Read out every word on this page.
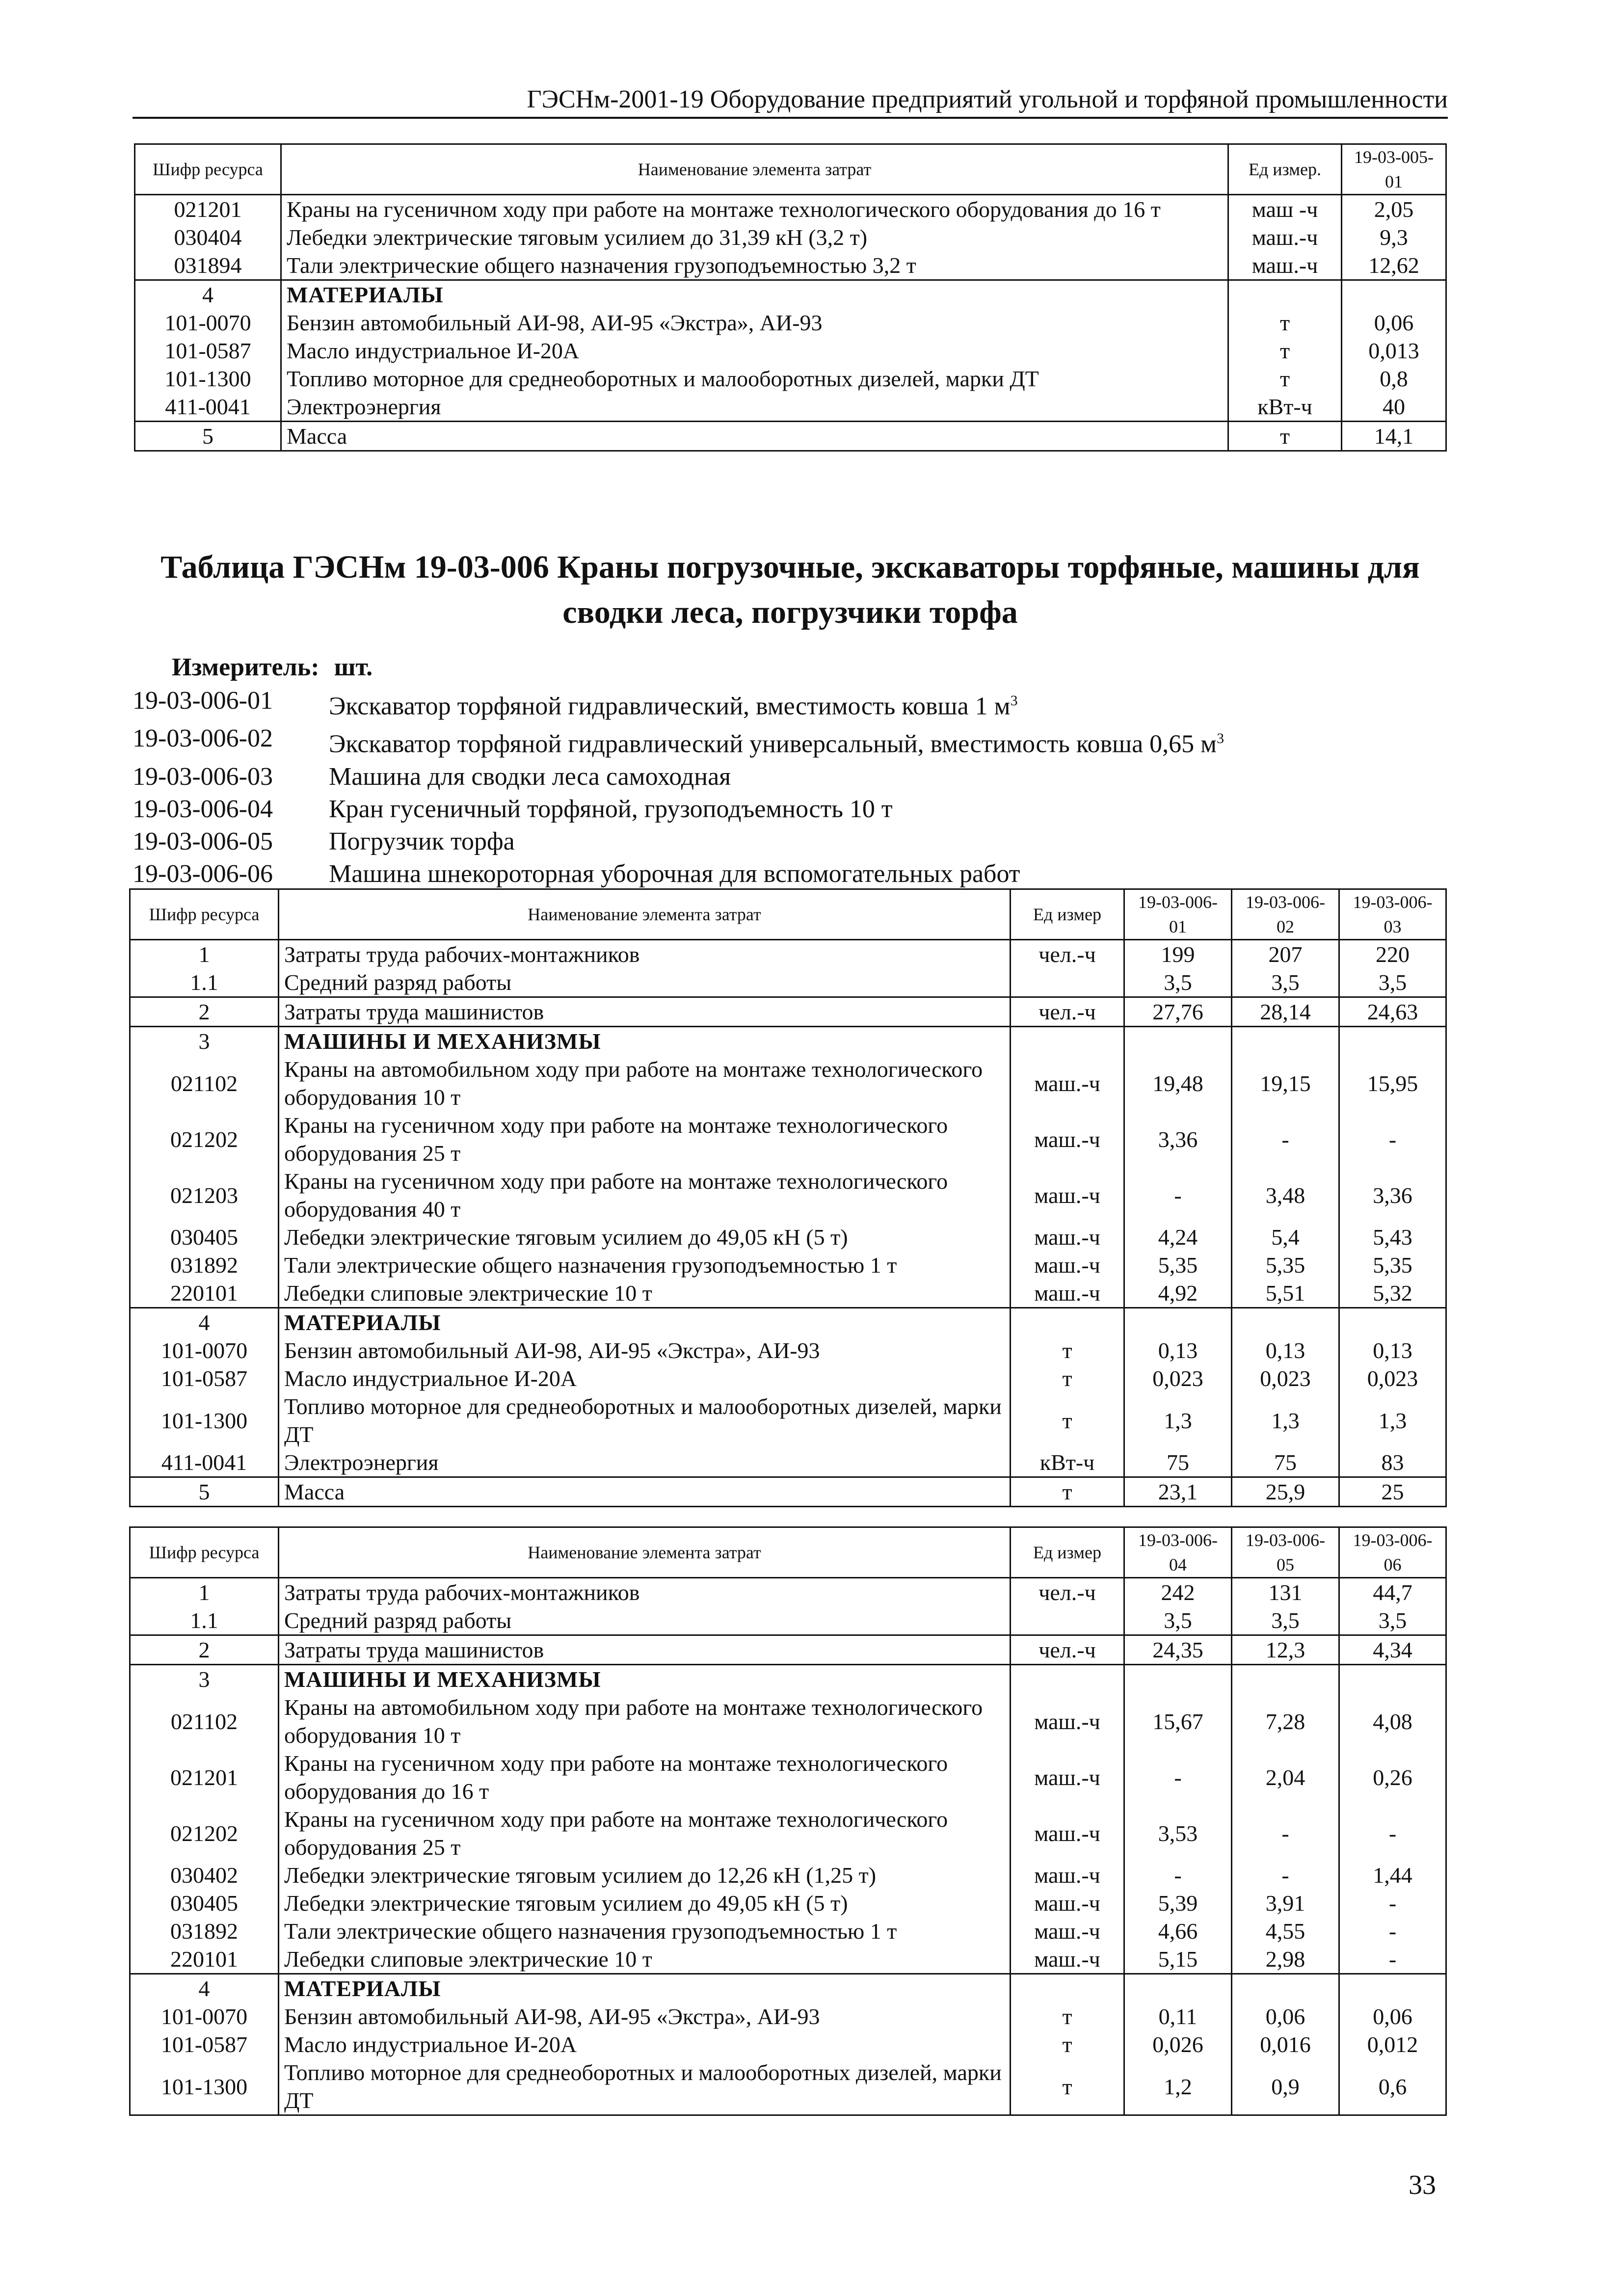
ГЭСНм-2001-19 Оборудование предприятий угольной и торфяной промышленности
Шифр ресурса	Наименование элемента затрат	Ед измер.	19-03-005-01
021201	Краны на гусеничном ходу при работе на монтаже технологического оборудования до 16 т	маш -ч	2,05
030404	Лебедки электрические тяговым усилием до 31,39 кН (3,2 т)	маш.-ч	9,3
031894	Тали электрические общего назначения грузоподъемностью 3,2 т	маш.-ч	12,62
4	МАТЕРИАЛЫ		
101-0070	Бензин автомобильный АИ-98, АИ-95 «Экстра», АИ-93	т	0,06
101-0587	Масло индустриальное И-20А	т	0,013
101-1300	Топливо моторное для среднеоборотных и малооборотных дизелей, марки ДТ	т	0,8
411-0041	Электроэнергия	кВт-ч	40
5	Масса	т	14,1
Таблица ГЭСНм 19-03-006 Краны погрузочные, экскаваторы торфяные, машины для
сводки леса, погрузчики торфа
Измеритель: шт.
19-03-006-01	Экскаватор торфяной гидравлический, вместимость ковша 1 $м^3$
19-03-006-02	Экскаватор торфяной гидравлический универсальный, вместимость ковша 0,65 $м^3$
19-03-006-03	Машина для сводки леса самоходная
19-03-006-04	Кран гусеничный торфяной, грузоподъемность 10 т
19-03-006-05	Погрузчик торфа
19-03-006-06	Машина шнекороторная уборочная для вспомогательных работ
Шифр ресурса	Наименование элемента затрат	Ед измер	19-03-006-01	19-03-006-02	19-03-006-03
1	Затраты труда рабочих-монтажников	чел.-ч	199	207	220
1.1	Средний разряд работы		3,5	3,5	3,5
2	Затраты труда машинистов	чел.-ч	27,76	28,14	24,63
3	МАШИНЫ И МЕХАНИЗМЫ				
021102	Краны на автомобильном ходу при работе на монтаже технологического оборудования 10 т	маш.-ч	19,48	19,15	15,95
021202	Краны на гусеничном ходу при работе на монтаже технологического оборудования 25 т	маш.-ч	3,36	-	-
021203	Краны на гусеничном ходу при работе на монтаже технологического оборудования 40 т	маш.-ч	-	3,48	3,36
030405	Лебедки электрические тяговым усилием до 49,05 кН (5 т)	маш.-ч	4,24	5,4	5,43
031892	Тали электрические общего назначения грузоподъемностью 1 т	маш.-ч	5,35	5,35	5,35
220101	Лебедки слиповые электрические 10 т	маш.-ч	4,92	5,51	5,32
4	МАТЕРИАЛЫ				
101-0070	Бензин автомобильный АИ-98, АИ-95 «Экстра», АИ-93	т	0,13	0,13	0,13
101-0587	Масло индустриальное И-20А	т	0,023	0,023	0,023
101-1300	Топливо моторное для среднеоборотных и малооборотных дизелей, марки ДТ	т	1,3	1,3	1,3
411-0041	Электроэнергия	кВт-ч	75	75	83
5	Масса	т	23,1	25,9	25
Шифр ресурса	Наименование элемента затрат	Ед измер	19-03-006-04	19-03-006-05	19-03-006-06
1	Затраты труда рабочих-монтажников	чел.-ч	242	131	44,7
1.1	Средний разряд работы		3,5	3,5	3,5
2	Затраты труда машинистов	чел.-ч	24,35	12,3	4,34
3	МАШИНЫ И МЕХАНИЗМЫ				
021102	Краны на автомобильном ходу при работе на монтаже технологического оборудования 10 т	маш.-ч	15,67	7,28	4,08
021201	Краны на гусеничном ходу при работе на монтаже технологического оборудования до 16 т	маш.-ч	-	2,04	0,26
021202	Краны на гусеничном ходу при работе на монтаже технологического оборудования 25 т	маш.-ч	3,53	-	-
030402	Лебедки электрические тяговым усилием до 12,26 кН (1,25 т)	маш.-ч	-	-	1,44
030405	Лебедки электрические тяговым усилием до 49,05 кН (5 т)	маш.-ч	5,39	3,91	-
031892	Тали электрические общего назначения грузоподъемностью 1 т	маш.-ч	4,66	4,55	-
220101	Лебедки слиповые электрические 10 т	маш.-ч	5,15	2,98	-
4	МАТЕРИАЛЫ				
101-0070	Бензин автомобильный АИ-98, АИ-95 «Экстра», АИ-93	т	0,11	0,06	0,06
101-0587	Масло индустриальное И-20А	т	0,026	0,016	0,012
101-1300	Топливо моторное для среднеоборотных и малооборотных дизелей, марки ДТ	т	1,2	0,9	0,6
33
